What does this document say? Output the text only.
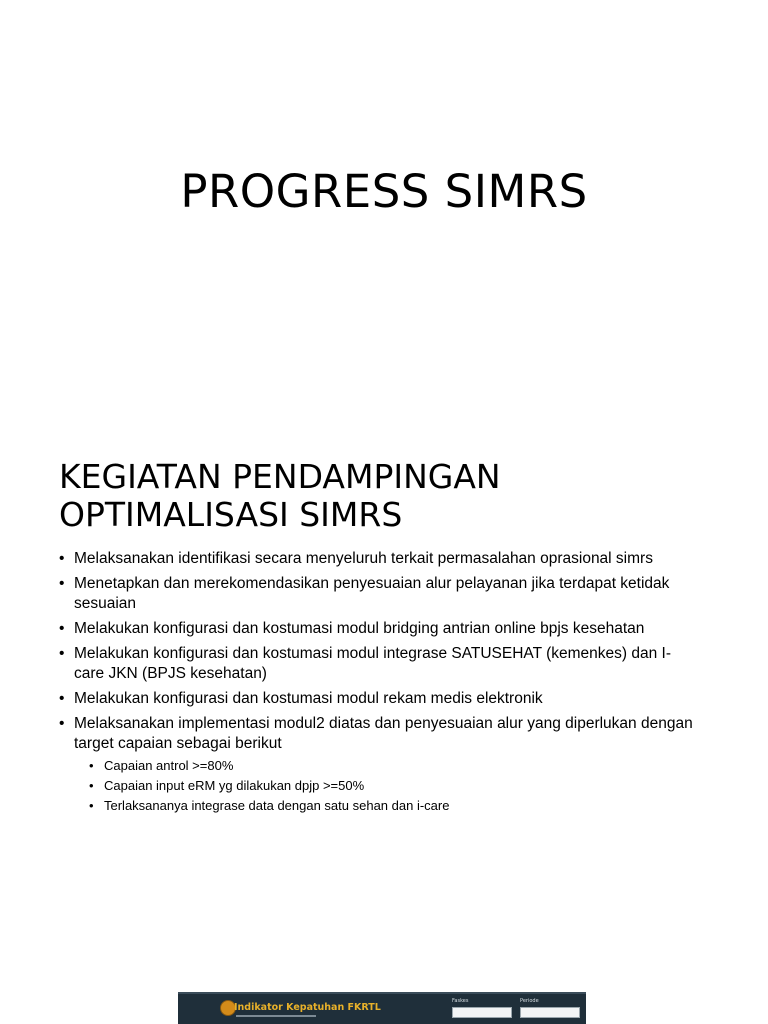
PROGRESS SIMRS
KEGIATAN PENDAMPINGAN
OPTIMALISASI SIMRS
• Melaksanakan identifikasi secara menyeluruh terkait permasalahan oprasional simrs
• Menetapkan dan merekomendasikan penyesuaian alur pelayanan jika terdapat ketidak sesuaian
• Melakukan konfigurasi dan kostumasi modul bridging antrian online bpjs kesehatan
• Melakukan konfigurasi dan kostumasi modul integrase SATUSEHAT (kemenkes) dan I-care JKN (BPJS kesehatan)
• Melakukan konfigurasi dan kostumasi modul rekam medis elektronik
• Melaksanakan implementasi modul2 diatas dan penyesuaian alur yang diperlukan dengan target capaian sebagai berikut
• Capaian antrol >=80%
• Capaian input eRM yg dilakukan dpjp >=50%
• Terlaksananya integrase data dengan satu sehan dan i-care
Indikator Kepatuhan FKRTL
Faskes	Periode
